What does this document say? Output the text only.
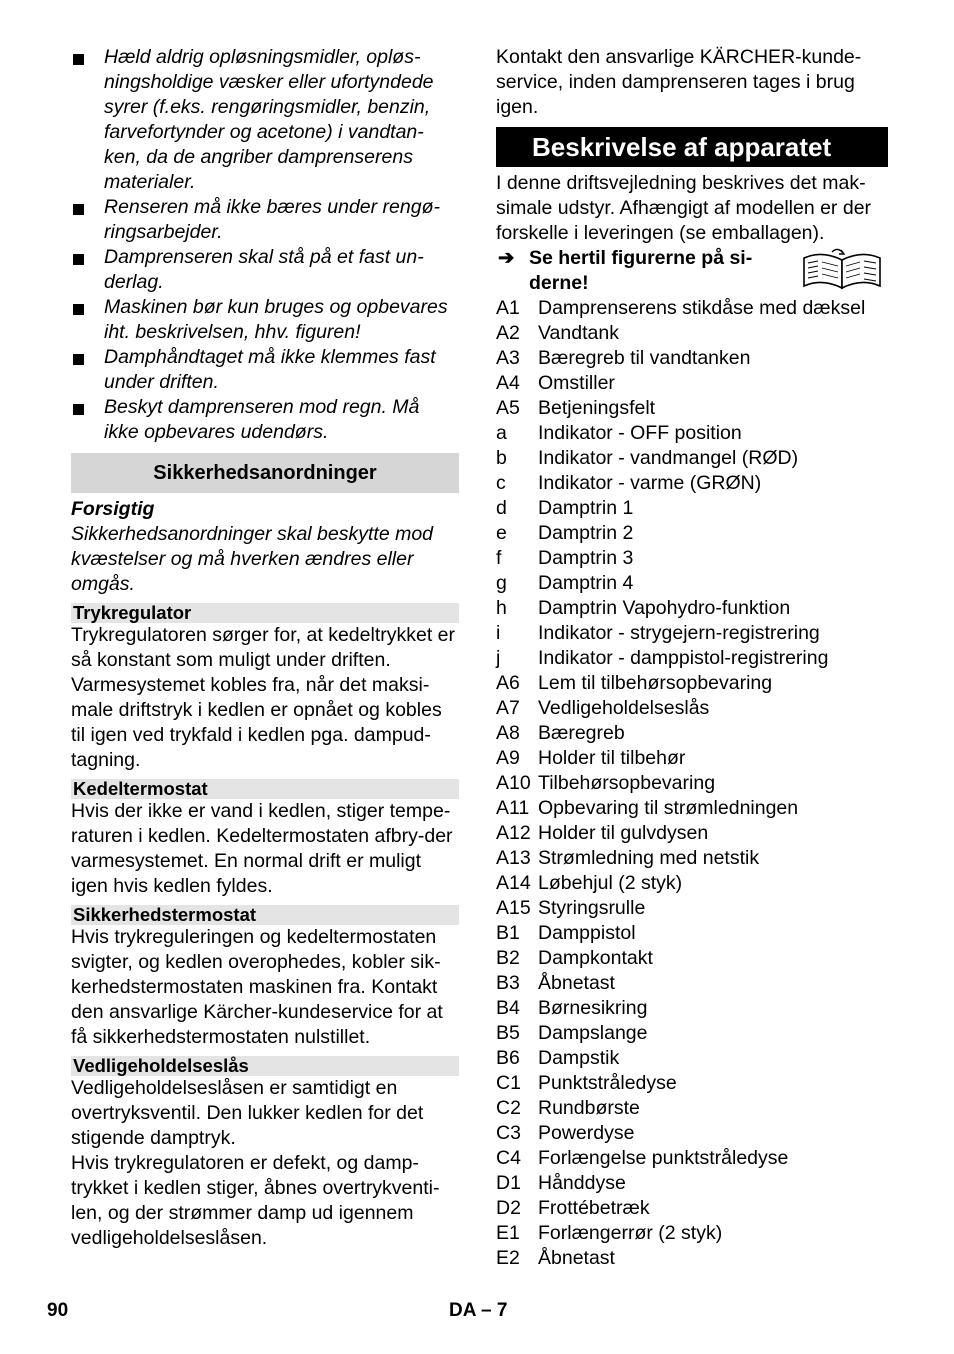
Hæld aldrig opløsningsmidler, opløs-ningsholdige væsker eller ufortyndede syrer (f.eks. rengøringsmidler, benzin, farvefortynder og acetone) i vandtan-ken, da de angriber damprenserens materialer.
Renseren må ikke bæres under rengø-ringsarbejder.
Damprenseren skal stå på et fast un-derlag.
Maskinen bør kun bruges og opbevares iht. beskrivelsen, hhv. figuren!
Damphåndtaget må ikke klemmes fast under driften.
Beskyt damprenseren mod regn. Må ikke opbevares udendørs.
Sikkerhedsanordninger
Forsigtig

Sikkerhedsanordninger skal beskytte mod kvæstelser og må hverken ændres eller omgås.

Trykregulator

Trykregulatoren sørger for, at kedeltrykket er så konstant som muligt under driften. Varmesystemet kobles fra, når det maksi-male driftstryk i kedlen er opnået og kobles til igen ved trykfald i kedlen pga. dampud-tagning.

Kedeltermostat

Hvis der ikke er vand i kedlen, stiger tempe-raturen i kedlen. Kedeltermostaten afbry-der varmesystemet. En normal drift er muligt igen hvis kedlen fyldes.

Sikkerhedstermostat

Hvis trykreguleringen og kedeltermostaten svigter, og kedlen overophedes, kobler sik-kerhedstermostaten maskinen fra. Kontakt den ansvarlige Kärcher-kundeservice for at få sikkerhedstermostaten nulstillet.

Vedligeholdelseslås

Vedligeholdelseslåsen er samtidigt en overtryksventil. Den lukker kedlen for det stigende damptryk.

Hvis trykregulatoren er defekt, og damp-trykket i kedlen stiger, åbnes overtrykventi-len, og der strømmer damp ud igennem vedligeholdelseslåsen.

Kontakt den ansvarlige KÄRCHER-kunde-service, inden damprenseren tages i brug igen.

Beskrivelse af apparatet

I denne driftsvejledning beskrives det mak-simale udstyr. Afhængigt af modellen er der forskelle i leveringen (se emballagen).

➔ Se hertil figurerne på si-derne!
A1 Damprenserens stikdåse med dæksel
A2 Vandtank
A3 Bæregreb til vandtanken
A4 Omstiller
A5 Betjeningsfelt
a	Indikator - OFF position
b	Indikator - vandmangel (RØD)
c	Indikator - varme (GRØN)
d	Damptrin 1
e	Damptrin 2
f	Damptrin 3
g	Damptrin 4
h	Damptrin Vapohydro-funktion
i	Indikator - strygejern-registrering
j	Indikator - damppistol-registrering
A6 Lem til tilbehørsopbevaring
A7 Vedligeholdelseslås
A8 Bæregreb
A9 Holder til tilbehør
A10 Tilbehørsopbevaring
A11 Opbevaring til strømledningen
A12 Holder til gulvdysen
A13 Strømledning med netstik
A14 Løbehjul (2 styk)
A15 Styringsrulle
B1 Damppistol
B2 Dampkontakt
B3 Åbnetast
B4 Børnesikring
B5 Dampslange
B6 Dampstik
C1 Punktstråledyse
C2 Rundbørste
C3 Powerdyse
C4 Forlængelse punktstråledyse
D1 Hånddyse
D2 Frottébetræk
E1 Forlængerrør (2 styk)
E2 Åbnetast
90	DA – 7
